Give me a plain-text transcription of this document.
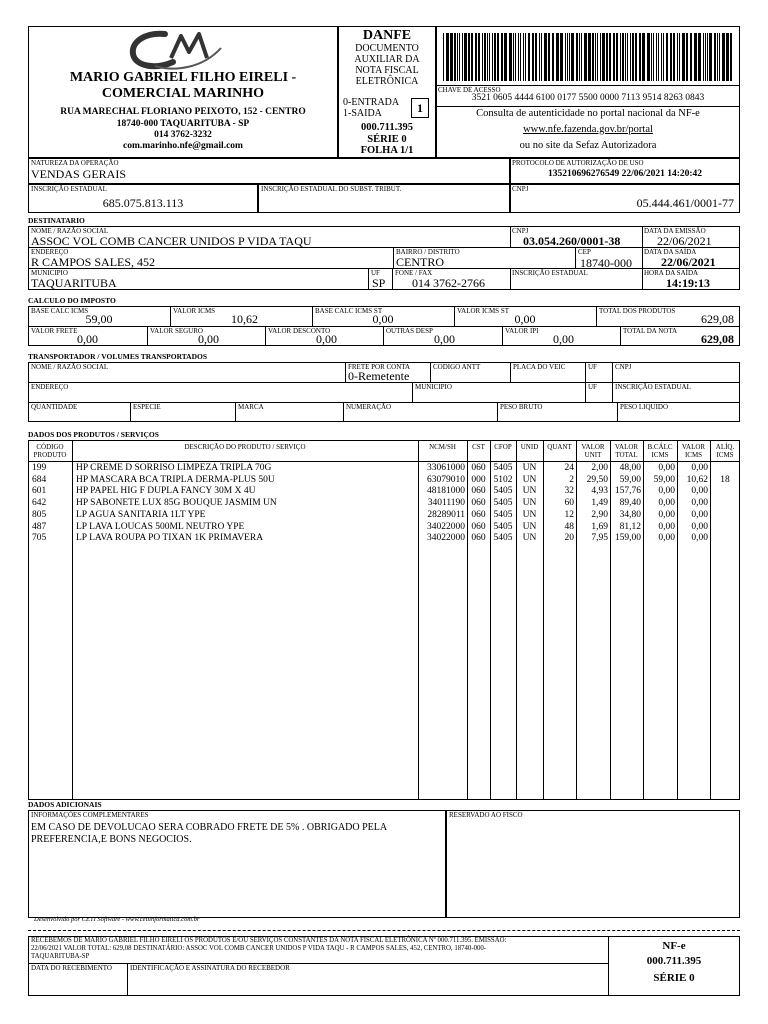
MARIO GABRIEL FILHO EIRELI -
COMERCIAL MARINHO
RUA MARECHAL FLORIANO PEIXOTO, 152 - CENTRO
18740-000 TAQUARITUBA - SP
014 3762-3232
com.marinho.nfe@gmail.com
DANFE
DOCUMENTO
AUXILIAR DA
NOTA FISCAL
ELETRÔNICA
0-ENTRADA
1-SAIDA	1
000.711.395
SÉRIE 0
FOLHA 1/1
CHAVE DE ACESSO
3521 0605 4444 6100 0177 5500 0000 7113 9514 8263 0843
Consulta de autenticidade no portal nacional da NF-e
www.nfe.fazenda.gov.br/portal
ou no site da Sefaz Autorizadora
NATUREZA DA OPERAÇÃO
VENDAS GERAIS
PROTOCOLO DE AUTORIZAÇÃO DE USO
135210696276549 22/06/2021 14:20:42
INSCRIÇÃO ESTADUAL
685.075.813.113
INSCRIÇÃO ESTADUAL DO SUBST. TRIBUT.	CNPJ
05.444.461/0001-77
DESTINATARIO
NOME / RAZÃO SOCIAL
ASSOC VOL COMB CANCER UNIDOS P VIDA TAQU
CNPJ
03.054.260/0001-38
DATA DA EMISSÃO
22/06/2021
ENDEREÇO
R CAMPOS SALES, 452
BAIRRO / DISTRITO
CENTRO
CEP
18740-000
DATA DA SAÍDA
22/06/2021
MUNICIPIO
TAQUARITUBA
UF
SP
FONE / FAX
014 3762-2766
INSCRIÇÃO ESTADUAL	HORA DA SAÍDA
14:19:13
CALCULO DO IMPOSTO
BASE CALC ICMS
59,00
VALOR ICMS
10,62
BASE CALC ICMS ST
0,00
VALOR ICMS ST
0,00
TOTAL DOS PRODUTOS
629,08
VALOR FRETE
0,00
VALOR SEGURO
0,00
VALOR DESCONTO
0,00
OUTRAS DESP
0,00
VALOR IPI
0,00
TOTAL DA NOTA
629,08
TRANSPORTADOR / VOLUMES TRANSPORTADOS
NOME / RAZÃO SOCIAL	FRETE POR CONTA
0-Remetente
CODIGO ANTT	PLACA DO VEIC	UF	CNPJ
ENDEREÇO	MUNICIPIO	UF	INSCRIÇÃO ESTADUAL
QUANTIDADE	ESPECIE	MARCA	NUMERAÇÃO	PESO BRUTO	PESO LIQUIDO
DADOS DOS PRODUTOS / SERVIÇOS
CÓDIGO
PRODUTO
DESCRIÇÃO DO PRODUTO / SERVIÇO	NCM/SH	CST	CFOP	UNID	QUANT	VALOR
UNIT
VALOR
TOTAL
B.CÁLC
ICMS
VALOR
ICMS
ALÍQ.
ICMS
199	HP CREME D SORRISO LIMPEZA TRIPLA 70G	33061000 060 5405	UN	24	2,00	48,00	0,00	0,00
684	HP MASCARA BCA TRIPLA DERMA-PLUS 50U	63079010 000 5102	UN	2	29,50	59,00	59,00	10,62	18
601	HP PAPEL HIG F DUPLA FANCY 30M X 4U	48181000 060 5405	UN	32	4,93 157,76	0,00	0,00
642	HP SABONETE LUX 85G BOUQUE JASMIM UN	34011190 060 5405	UN	60	1,49	89,40	0,00	0,00
805	LP AGUA SANITARIA 1LT YPE	28289011 060 5405	UN	12	2,90	34,80	0,00	0,00
487	LP LAVA LOUCAS 500ML NEUTRO YPE	34022000 060 5405	UN	48	1,69	81,12	0,00	0,00
705	LP LAVA ROUPA PO TIXAN 1K PRIMAVERA	34022000 060 5405	UN	20	7,95 159,00	0,00	0,00
DADOS ADICIONAIS
INFORMAÇÕES COMPLEMENTARES
EM CASO DE DEVOLUCAO SERA COBRADO FRETE DE 5% . OBRIGADO PELA
PREFERENCIA,E BONS NEGOCIOS.
RESERVADO AO FISCO
Desenvolvido por CETI Software - www.cetiinformatica.com.br
RECEBEMOS DE MARIO GABRIEL FILHO EIRELI OS PRODUTOS E/OU SERVIÇOS CONSTANTES DA NOTA FISCAL ELETRÔNICA Nº 000.711.395. EMISSÃO:
22/06/2021 VALOR TOTAL: 629,08 DESTINATÁRIO: ASSOC VOL COMB CANCER UNIDOS P VIDA TAQU - R CAMPOS SALES, 452, CENTRO, 18740-000-
TAQUARITUBA-SP
DATA DO RECEBIMENTO	IDENTIFICAÇÃO E ASSINATURA DO RECEBEDOR
NF-e
000.711.395
SÉRIE 0
